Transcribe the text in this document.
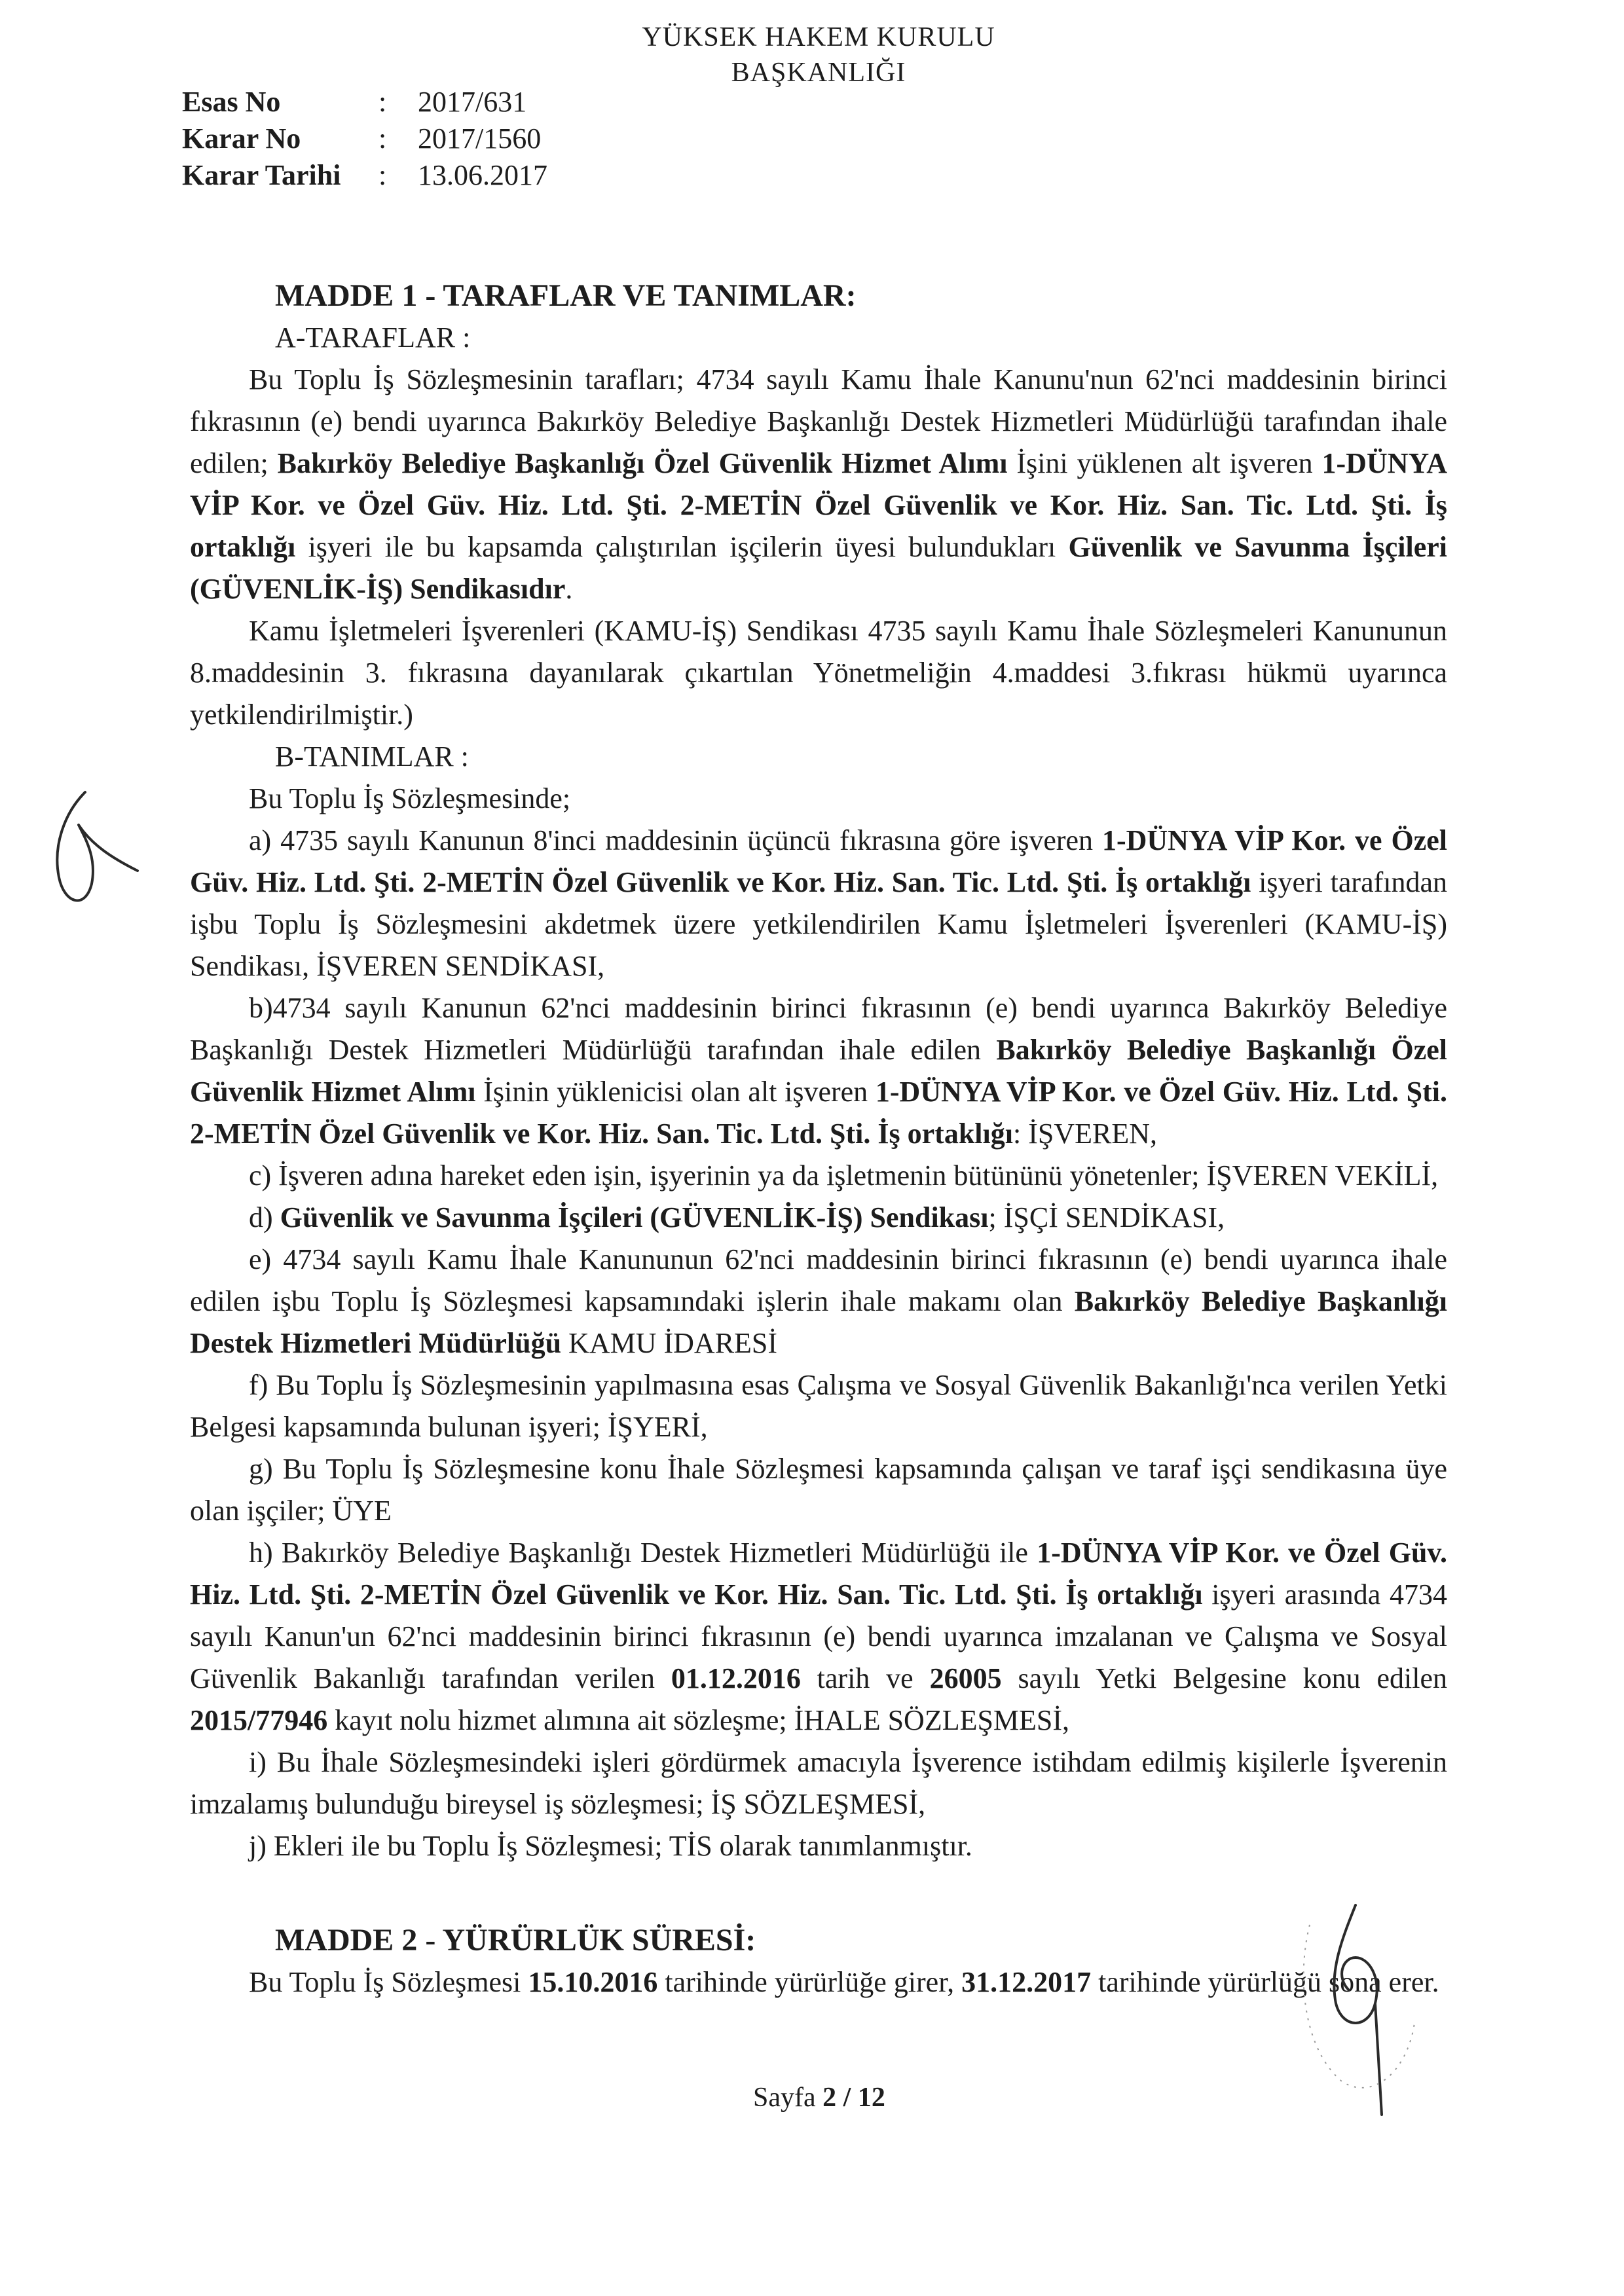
YÜKSEK HAKEM KURULU
BAŞKANLIĞI
Esas No	:	2017/631
Karar No	:	2017/1560
Karar Tarihi	:	13.06.2017

MADDE 1 - TARAFLAR VE TANIMLAR:

A-TARAFLAR :

Bu Toplu İş Sözleşmesinin tarafları; 4734 sayılı Kamu İhale Kanunu'nun 62'nci maddesinin birinci fıkrasının (e) bendi uyarınca Bakırköy Belediye Başkanlığı Destek Hizmetleri Müdürlüğü tarafından ihale edilen; Bakırköy Belediye Başkanlığı Özel Güvenlik Hizmet Alımı İşini yüklenen alt işveren 1-DÜNYA VİP Kor. ve Özel Güv. Hiz. Ltd. Şti. 2-METİN Özel Güvenlik ve Kor. Hiz. San. Tic. Ltd. Şti. İş ortaklığı işyeri ile bu kapsamda çalıştırılan işçilerin üyesi bulundukları Güvenlik ve Savunma İşçileri (GÜVENLİK-İŞ) Sendikasıdır.

Kamu İşletmeleri İşverenleri (KAMU-İŞ) Sendikası 4735 sayılı Kamu İhale Sözleşmeleri Kanununun 8.maddesinin 3. fıkrasına dayanılarak çıkartılan Yönetmeliğin 4.maddesi 3.fıkrası hükmü uyarınca yetkilendirilmiştir.)

B-TANIMLAR :

Bu Toplu İş Sözleşmesinde;

a) 4735 sayılı Kanunun 8'inci maddesinin üçüncü fıkrasına göre işveren 1-DÜNYA VİP Kor. ve Özel Güv. Hiz. Ltd. Şti. 2-METİN Özel Güvenlik ve Kor. Hiz. San. Tic. Ltd. Şti. İş ortaklığı işyeri tarafından işbu Toplu İş Sözleşmesini akdetmek üzere yetkilendirilen Kamu İşletmeleri İşverenleri (KAMU-İŞ) Sendikası, İŞVEREN SENDİKASI,

b)4734 sayılı Kanunun 62'nci maddesinin birinci fıkrasının (e) bendi uyarınca Bakırköy Belediye Başkanlığı Destek Hizmetleri Müdürlüğü tarafından ihale edilen Bakırköy Belediye Başkanlığı Özel Güvenlik Hizmet Alımı İşinin yüklenicisi olan alt işveren 1-DÜNYA VİP Kor. ve Özel Güv. Hiz. Ltd. Şti. 2-METİN Özel Güvenlik ve Kor. Hiz. San. Tic. Ltd. Şti. İş ortaklığı: İŞVEREN,

c) İşveren adına hareket eden işin, işyerinin ya da işletmenin bütününü yönetenler; İŞVEREN VEKİLİ,

d) Güvenlik ve Savunma İşçileri (GÜVENLİK-İŞ) Sendikası; İŞÇİ SENDİKASI,

e) 4734 sayılı Kamu İhale Kanununun 62'nci maddesinin birinci fıkrasının (e) bendi uyarınca ihale edilen işbu Toplu İş Sözleşmesi kapsamındaki işlerin ihale makamı olan Bakırköy Belediye Başkanlığı Destek Hizmetleri Müdürlüğü KAMU İDARESİ

f) Bu Toplu İş Sözleşmesinin yapılmasına esas Çalışma ve Sosyal Güvenlik Bakanlığı'nca verilen Yetki Belgesi kapsamında bulunan işyeri; İŞYERİ,

g) Bu Toplu İş Sözleşmesine konu İhale Sözleşmesi kapsamında çalışan ve taraf işçi sendikasına üye olan işçiler; ÜYE

h) Bakırköy Belediye Başkanlığı Destek Hizmetleri Müdürlüğü ile 1-DÜNYA VİP Kor. ve Özel Güv. Hiz. Ltd. Şti. 2-METİN Özel Güvenlik ve Kor. Hiz. San. Tic. Ltd. Şti. İş ortaklığı işyeri arasında 4734 sayılı Kanun'un 62'nci maddesinin birinci fıkrasının (e) bendi uyarınca imzalanan ve Çalışma ve Sosyal Güvenlik Bakanlığı tarafından verilen 01.12.2016 tarih ve 26005 sayılı Yetki Belgesine konu edilen 2015/77946 kayıt nolu hizmet alımına ait sözleşme; İHALE SÖZLEŞMESİ,

i) Bu İhale Sözleşmesindeki işleri gördürmek amacıyla İşverence istihdam edilmiş kişilerle İşverenin imzalamış bulunduğu bireysel iş sözleşmesi; İŞ SÖZLEŞMESİ,

j) Ekleri ile bu Toplu İş Sözleşmesi; TİS olarak tanımlanmıştır.

MADDE 2 - YÜRÜRLÜK SÜRESİ:

Bu Toplu İş Sözleşmesi 15.10.2016 tarihinde yürürlüğe girer, 31.12.2017 tarihinde yürürlüğü sona erer.

Sayfa 2 / 12
